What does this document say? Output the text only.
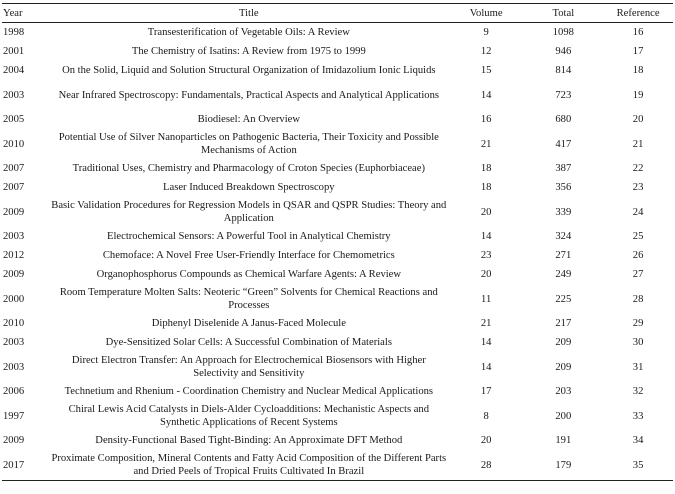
Year	Title	Volume	Total	Reference
1998	Transesterification of Vegetable Oils: A Review	9	1098	16
2001	The Chemistry of Isatins: A Review from 1975 to 1999	12	946	17
2004	On the Solid, Liquid and Solution Structural Organization of Imidazolium Ionic Liquids	15	814	18
2003	Near Infrared Spectroscopy: Fundamentals, Practical Aspects and Analytical Applications	14	723	19
2005	Biodiesel: An Overview	16	680	20
2010	Potential Use of Silver Nanoparticles on Pathogenic Bacteria, Their Toxicity and Possible Mechanisms of Action	21	417	21
2007	Traditional Uses, Chemistry and Pharmacology of Croton Species (Euphorbiaceae)	18	387	22
2007	Laser Induced Breakdown Spectroscopy	18	356	23
2009	Basic Validation Procedures for Regression Models in QSAR and QSPR Studies: Theory and Application	20	339	24
2003	Electrochemical Sensors: A Powerful Tool in Analytical Chemistry	14	324	25
2012	Chemoface: A Novel Free User-Friendly Interface for Chemometrics	23	271	26
2009	Organophosphorus Compounds as Chemical Warfare Agents: A Review	20	249	27
2000	Room Temperature Molten Salts: Neoteric “Green” Solvents for Chemical Reactions and Processes	11	225	28
2010	Diphenyl Diselenide A Janus-Faced Molecule	21	217	29
2003	Dye-Sensitized Solar Cells: A Successful Combination of Materials	14	209	30
2003	Direct Electron Transfer: An Approach for Electrochemical Biosensors with Higher Selectivity and Sensitivity	14	209	31
2006	Technetium and Rhenium - Coordination Chemistry and Nuclear Medical Applications	17	203	32
1997	Chiral Lewis Acid Catalysts in Diels-Alder Cycloadditions: Mechanistic Aspects and Synthetic Applications of Recent Systems	8	200	33
2009	Density-Functional Based Tight-Binding: An Approximate DFT Method	20	191	34
2017	Proximate Composition, Mineral Contents and Fatty Acid Composition of the Different Parts and Dried Peels of Tropical Fruits Cultivated In Brazil	28	179	35
